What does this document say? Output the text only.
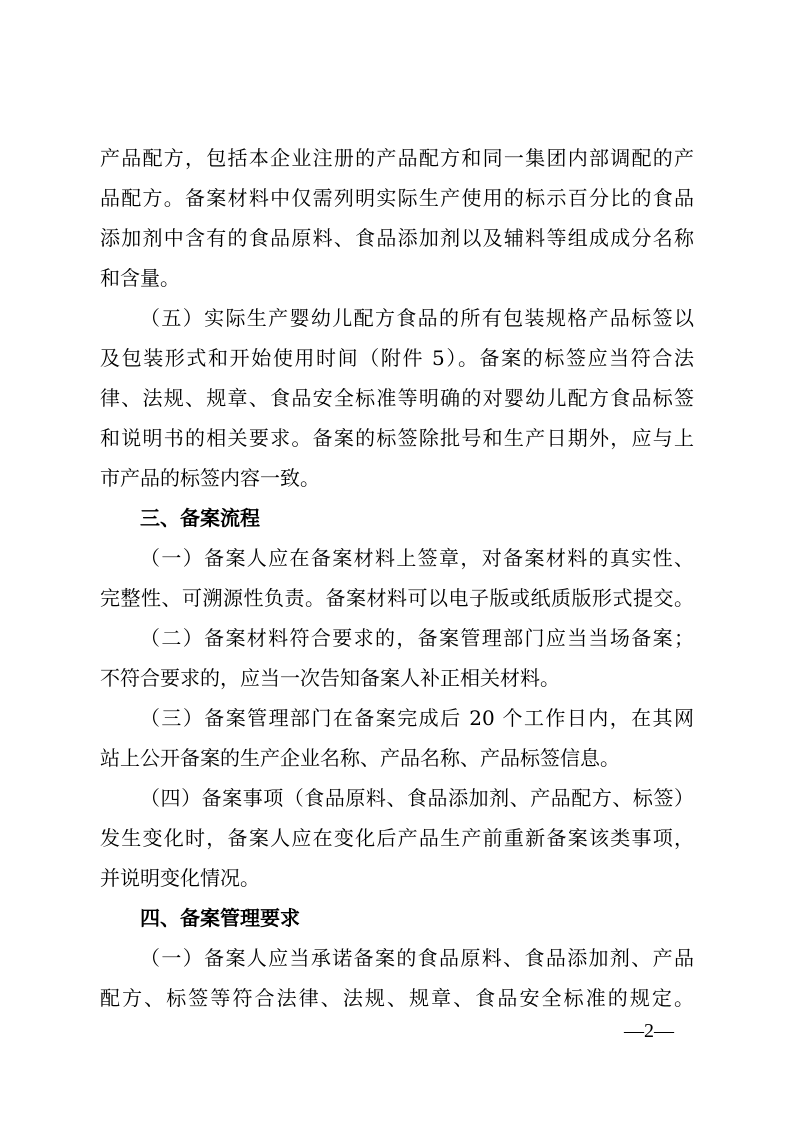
产品配方，包括本企业注册的产品配方和同一集团内部调配的产

品配方。备案材料中仅需列明实际生产使用的标示百分比的食品

添加剂中含有的食品原料、食品添加剂以及辅料等组成成分名称

和含量。

（五）实际生产婴幼儿配方食品的所有包装规格产品标签以

及包装形式和开始使用时间（附件 5）。备案的标签应当符合法

律、法规、规章、食品安全标准等明确的对婴幼儿配方食品标签

和说明书的相关要求。备案的标签除批号和生产日期外，应与上

市产品的标签内容一致。

三、备案流程

（一）备案人应在备案材料上签章，对备案材料的真实性、

完整性、可溯源性负责。备案材料可以电子版或纸质版形式提交。

（二）备案材料符合要求的，备案管理部门应当当场备案；

不符合要求的，应当一次告知备案人补正相关材料。

（三）备案管理部门在备案完成后 20 个工作日内，在其网

站上公开备案的生产企业名称、产品名称、产品标签信息。

（四）备案事项（食品原料、食品添加剂、产品配方、标签）

发生变化时，备案人应在变化后产品生产前重新备案该类事项，

并说明变化情况。

四、备案管理要求

（一）备案人应当承诺备案的食品原料、食品添加剂、产品

配方、标签等符合法律、法规、规章、食品安全标准的规定。

—2—
